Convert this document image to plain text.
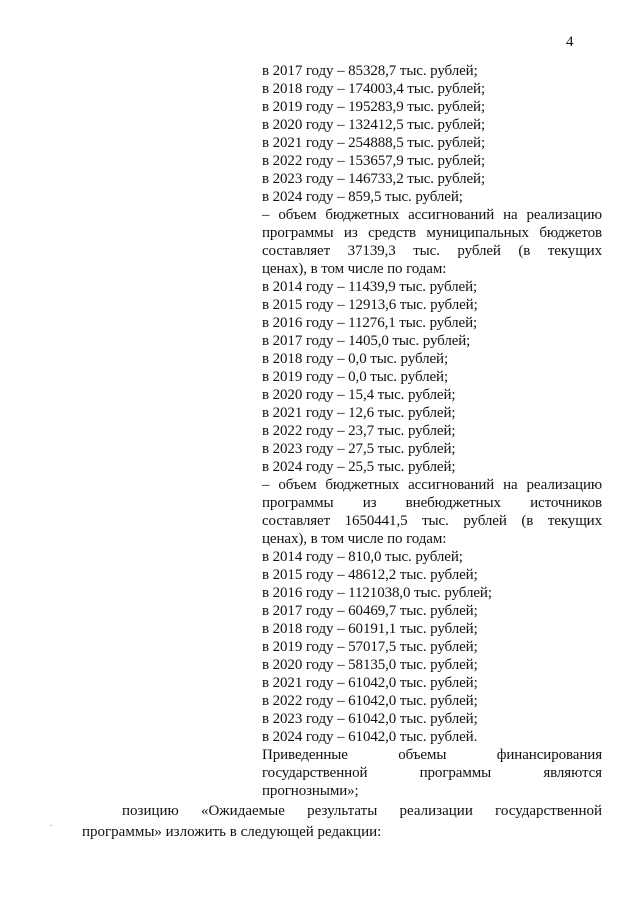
4
в 2017 году – 85328,7 тыс. рублей;
в 2018 году – 174003,4 тыс. рублей;
в 2019 году – 195283,9 тыс. рублей;
в 2020 году – 132412,5 тыс. рублей;
в 2021 году – 254888,5 тыс. рублей;
в 2022 году – 153657,9 тыс. рублей;
в 2023 году – 146733,2 тыс. рублей;
в 2024 году – 859,5 тыс. рублей;
– объем бюджетных ассигнований на реализацию
программы из средств муниципальных бюджетов
составляет 37139,3 тыс. рублей (в текущих
ценах), в том числе по годам:
в 2014 году – 11439,9 тыс. рублей;
в 2015 году – 12913,6 тыс. рублей;
в 2016 году – 11276,1 тыс. рублей;
в 2017 году – 1405,0 тыс. рублей;
в 2018 году – 0,0 тыс. рублей;
в 2019 году – 0,0 тыс. рублей;
в 2020 году – 15,4 тыс. рублей;
в 2021 году – 12,6 тыс. рублей;
в 2022 году – 23,7 тыс. рублей;
в 2023 году – 27,5 тыс. рублей;
в 2024 году – 25,5 тыс. рублей;
– объем бюджетных ассигнований на реализацию
программы из внебюджетных источников
составляет 1650441,5 тыс. рублей (в текущих
ценах), в том числе по годам:
в 2014 году – 810,0 тыс. рублей;
в 2015 году – 48612,2 тыс. рублей;
в 2016 году – 1121038,0 тыс. рублей;
в 2017 году – 60469,7 тыс. рублей;
в 2018 году – 60191,1 тыс. рублей;
в 2019 году – 57017,5 тыс. рублей;
в 2020 году – 58135,0 тыс. рублей;
в 2021 году – 61042,0 тыс. рублей;
в 2022 году – 61042,0 тыс. рублей;
в 2023 году – 61042,0 тыс. рублей;
в 2024 году – 61042,0 тыс. рублей.
Приведенные объемы финансирования
государственной программы являются
прогнозными»;
.
позицию «Ожидаемые результаты реализации государственной
программы» изложить в следующей редакции:
